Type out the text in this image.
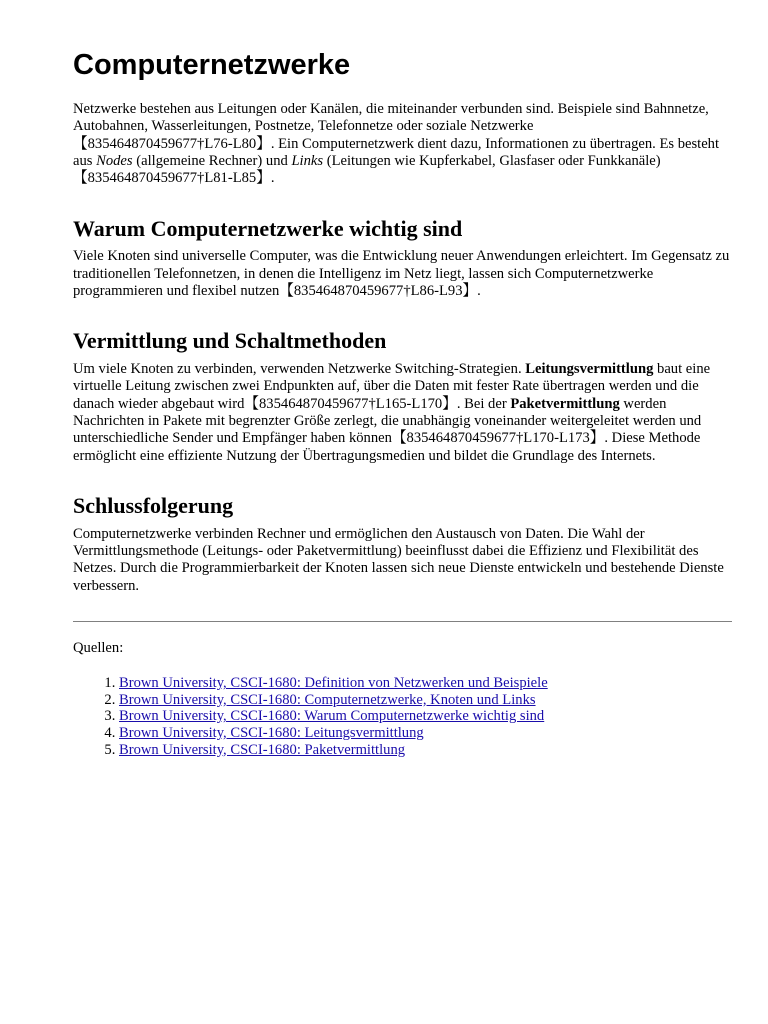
Computernetzwerke

Netzwerke bestehen aus Leitungen oder Kanälen, die miteinander verbunden sind. Beispiele sind Bahnnetze, Autobahnen, Wasserleitungen, Postnetze, Telefonnetze oder soziale Netzwerke 【835464870459677†L76-L80】. Ein Computernetzwerk dient dazu, Informationen zu übertragen. Es besteht aus Nodes (allgemeine Rechner) und Links (Leitungen wie Kupferkabel, Glasfaser oder Funkkanäle)【835464870459677†L81-L85】.

Warum Computernetzwerke wichtig sind

Viele Knoten sind universelle Computer, was die Entwicklung neuer Anwendungen erleichtert. Im Gegensatz zu traditionellen Telefonnetzen, in denen die Intelligenz im Netz liegt, lassen sich Computernetzwerke programmieren und flexibel nutzen【835464870459677†L86-L93】.

Vermittlung und Schaltmethoden

Um viele Knoten zu verbinden, verwenden Netzwerke Switching-Strategien. Leitungsvermittlung baut eine virtuelle Leitung zwischen zwei Endpunkten auf, über die Daten mit fester Rate übertragen werden und die danach wieder abgebaut wird【835464870459677†L165-L170】. Bei der Paketvermittlung werden Nachrichten in Pakete mit begrenzter Größe zerlegt, die unabhängig voneinander weitergeleitet werden und unterschiedliche Sender und Empfänger haben können【835464870459677†L170-L173】. Diese Methode ermöglicht eine effiziente Nutzung der Übertragungsmedien und bildet die Grundlage des Internets.

Schlussfolgerung

Computernetzwerke verbinden Rechner und ermöglichen den Austausch von Daten. Die Wahl der Vermittlungsmethode (Leitungs- oder Paketvermittlung) beeinflusst dabei die Effizienz und Flexibilität des Netzes. Durch die Programmierbarkeit der Knoten lassen sich neue Dienste entwickeln und bestehende Dienste verbessern.

Quellen:
1. Brown University, CSCI-1680: Definition von Netzwerken und Beispiele
2. Brown University, CSCI-1680: Computernetzwerke, Knoten und Links
3. Brown University, CSCI-1680: Warum Computernetzwerke wichtig sind
4. Brown University, CSCI-1680: Leitungsvermittlung
5. Brown University, CSCI-1680: Paketvermittlung
